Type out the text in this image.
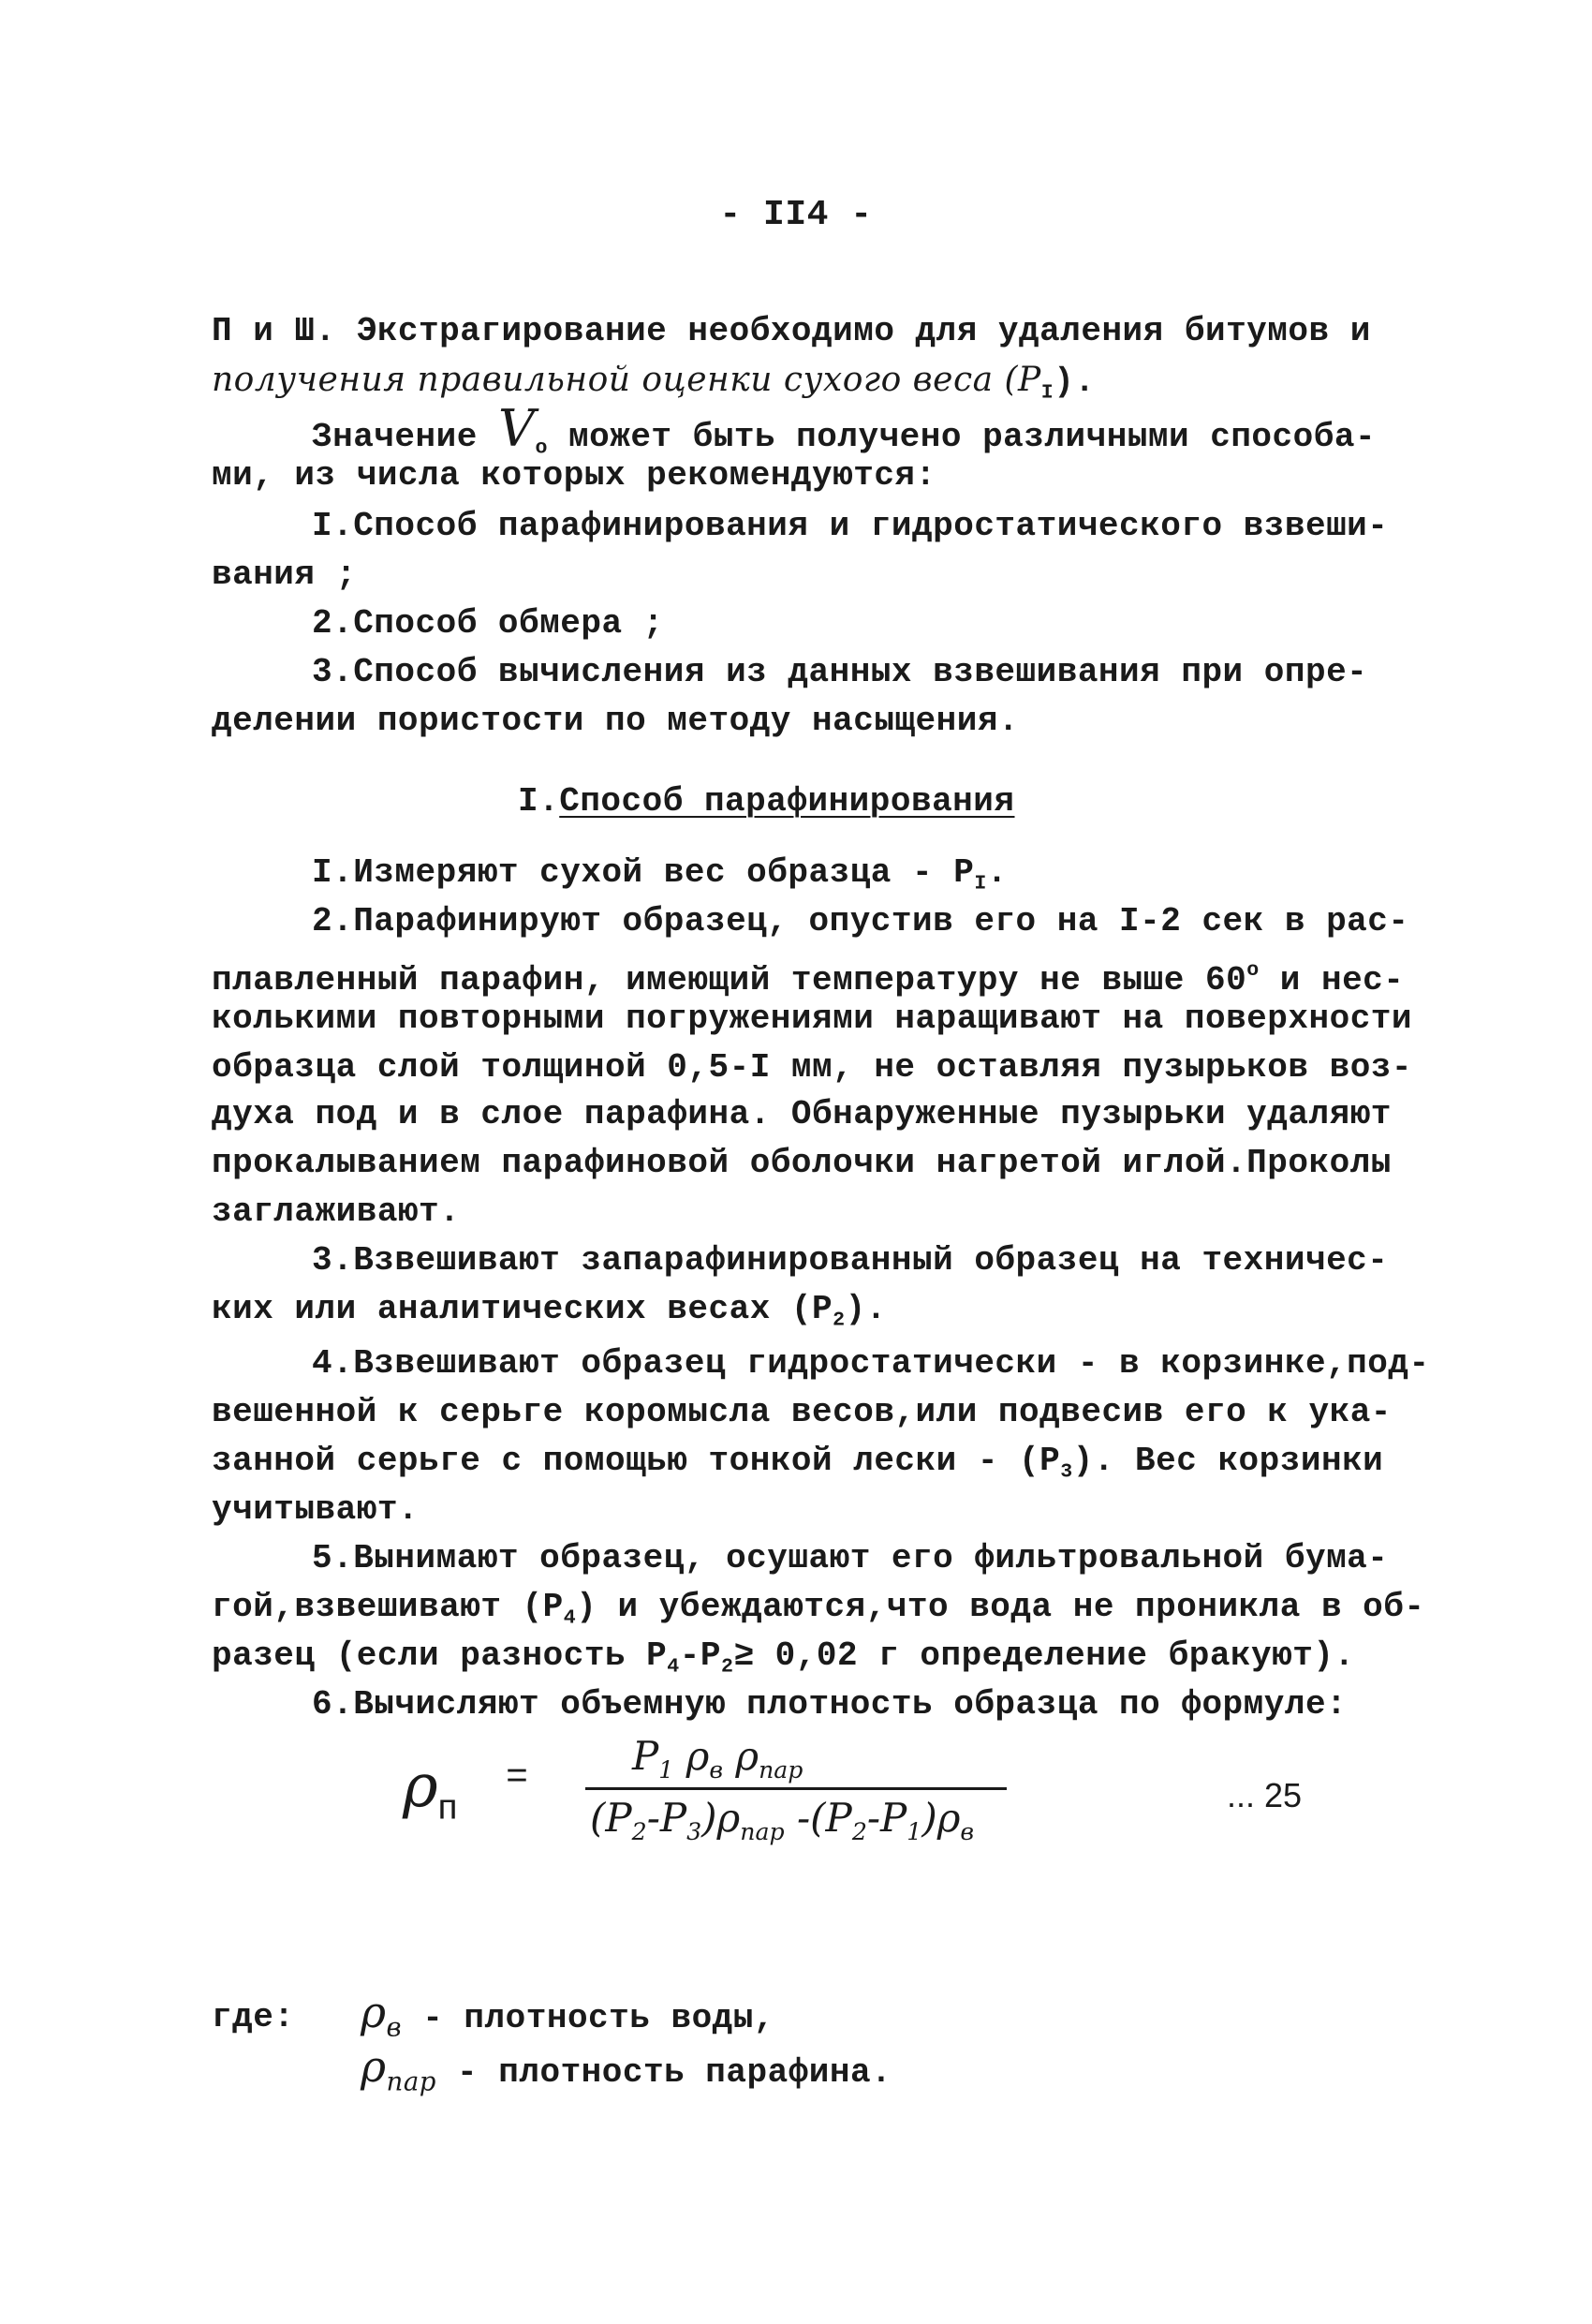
- II4 -
П и Ш. Экстрагирование необходимо для удаления битумов и
получения правильной оценки сухого веса $(P_I)$.
Значение $V_о$ может быть получено различными способа-
ми, из числа которых рекомендуются:
I.Способ парафинирования и гидростатического взвеши-
вания ;
2.Способ обмера ;
3.Способ вычисления из данных взвешивания при опре-
делении пористости по методу насыщения.
I.Способ парафинирования
I.Измеряют сухой вес образца - $P_I$.
2.Парафинируют образец, опустив его на I-2 сек в рас-
плавленный парафин, имеющий температуру не выше $60^о$ и нес-
колькими повторными погружениями наращивают на поверхности
образца слой толщиной 0,5-I мм, не оставляя пузырьков воз-
духа под и в слое парафина. Обнаруженные пузырьки удаляют
прокалыванием парафиновой оболочки нагретой иглой.Проколы
заглаживают.
3.Взвешивают запарафинированный образец на техничес-
ких или аналитических весах $(P_2)$.
4.Взвешивают образец гидростатически - в корзинке,под-
вешенной к серьге коромысла весов,или подвесив его к ука-
занной серьге с помощью тонкой лески - $(P_3)$. Вес корзинки
учитывают.
5.Вынимают образец, осушают его фильтровальной бума-
гой,взвешивают $(P_4)$ и убеждаются,что вода не проникла в об-
разец (если разность $P_4-P_2\ge 0,02$ г определение бракуют).
6.Вычисляют объемную плотность образца по формуле:
$\rho_п$
=	$P_1$ $\rho_в$ $\rho_{пар}$
$(P_2-P_3)\rho_{пар}$ $-(P_2-P_1)\rho_в$
... 25
где: $\rho_в$ - плотность воды,
$\rho_{пар}$ - плотность парафина.
